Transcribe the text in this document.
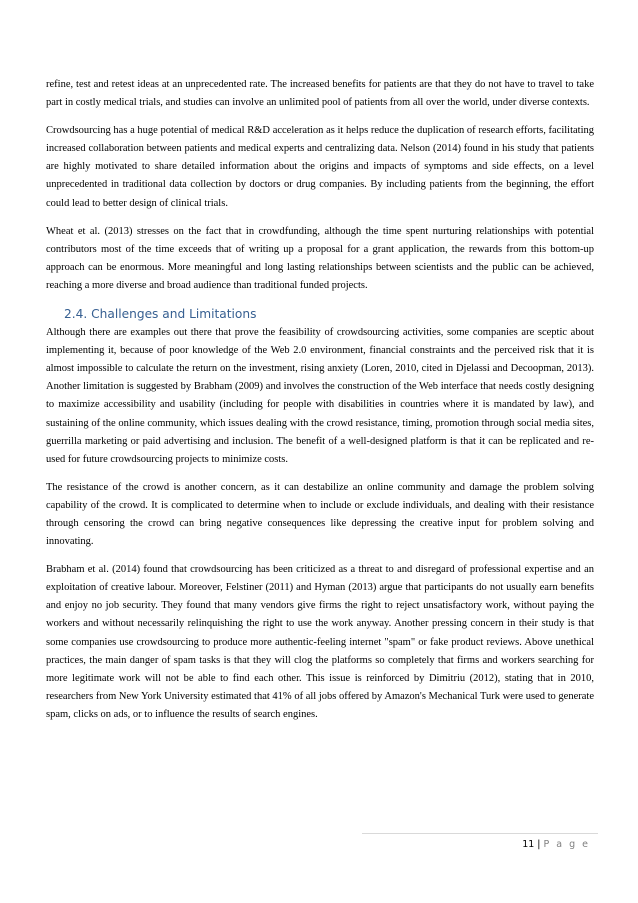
refine, test and retest ideas at an unprecedented rate. The increased benefits for patients are that they do not have to travel to take part in costly medical trials, and studies can involve an unlimited pool of patients from all over the world, under diverse contexts.

Crowdsourcing has a huge potential of medical R&D acceleration as it helps reduce the duplication of research efforts, facilitating increased collaboration between patients and medical experts and centralizing data. Nelson (2014) found in his study that patients are highly motivated to share detailed information about the origins and impacts of symptoms and side effects, on a level unprecedented in traditional data collection by doctors or drug companies. By including patients from the beginning, the effort could lead to better design of clinical trials.

Wheat et al. (2013) stresses on the fact that in crowdfunding, although the time spent nurturing relationships with potential contributors most of the time exceeds that of writing up a proposal for a grant application, the rewards from this bottom-up approach can be enormous. More meaningful and long lasting relationships between scientists and the public can be achieved, reaching a more diverse and broad audience than traditional funded projects.

2.4. Challenges and Limitations

Although there are examples out there that prove the feasibility of crowdsourcing activities, some companies are sceptic about implementing it, because of poor knowledge of the Web 2.0 environment, financial constraints and the perceived risk that it is almost impossible to calculate the return on the investment, rising anxiety (Loren, 2010, cited in Djelassi and Decoopman, 2013). Another limitation is suggested by Brabham (2009) and involves the construction of the Web interface that needs costly designing to maximize accessibility and usability (including for people with disabilities in countries where it is mandated by law), and sustaining of the online community, which issues dealing with the crowd resistance, timing, promotion through social media sites, guerrilla marketing or paid advertising and inclusion. The benefit of a well-designed platform is that it can be replicated and re-used for future crowdsourcing projects to minimize costs.

The resistance of the crowd is another concern, as it can destabilize an online community and damage the problem solving capability of the crowd. It is complicated to determine when to include or exclude individuals, and dealing with their resistance through censoring the crowd can bring negative consequences like depressing the creative input for problem solving and innovating.

Brabham et al. (2014) found that crowdsourcing has been criticized as a threat to and disregard of professional expertise and an exploitation of creative labour. Moreover, Felstiner (2011) and Hyman (2013) argue that participants do not usually earn benefits and enjoy no job security. They found that many vendors give firms the right to reject unsatisfactory work, without paying the workers and without necessarily relinquishing the right to use the work anyway. Another pressing concern in their study is that some companies use crowdsourcing to produce more authentic-feeling internet "spam" or fake product reviews. Above unethical practices, the main danger of spam tasks is that they will clog the platforms so completely that firms and workers searching for more legitimate work will not be able to find each other. This issue is reinforced by Dimitriu (2012), stating that in 2010, researchers from New York University estimated that 41% of all jobs offered by Amazon's Mechanical Turk were used to generate spam, clicks on ads, or to influence the results of search engines.

11 | P a g e
